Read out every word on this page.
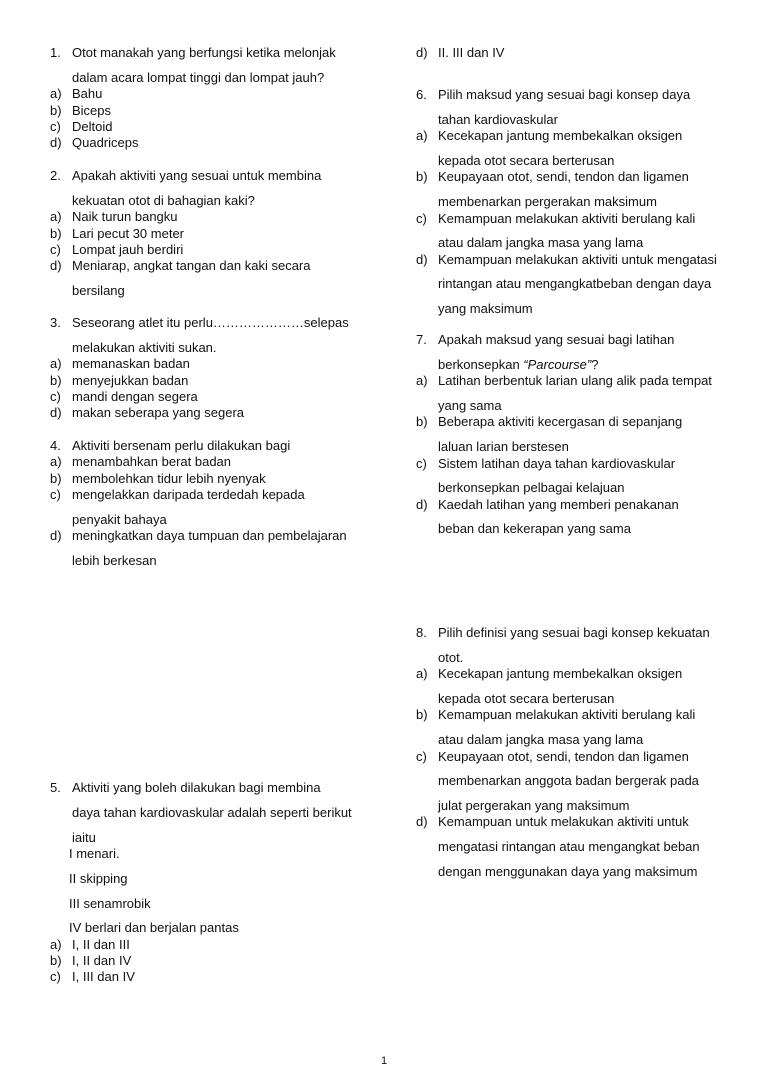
1. Otot manakah yang berfungsi ketika melonjak
dalam acara lompat tinggi dan lompat jauh?
a) Bahu
b) Biceps
c) Deltoid
d) Quadriceps
2. Apakah aktiviti yang sesuai untuk membina
kekuatan otot di bahagian kaki?
a) Naik turun bangku
b) Lari pecut 30 meter
c) Lompat jauh berdiri
d) Meniarap, angkat tangan dan kaki secara
bersilang
3. Seseorang atlet itu perlu…………………selepas
melakukan aktiviti sukan.
a) memanaskan badan
b) menyejukkan badan
c) mandi dengan segera
d) makan seberapa yang segera
4. Aktiviti bersenam perlu dilakukan bagi
a) menambahkan berat badan
b) membolehkan tidur lebih nyenyak
c) mengelakkan daripada terdedah kepada
penyakit bahaya
d) meningkatkan daya tumpuan dan pembelajaran
lebih berkesan
5. Aktiviti yang boleh dilakukan bagi membina
daya tahan kardiovaskular adalah seperti berikut
iaitu
I menari.
II skipping
III senamrobik
IV berlari dan berjalan pantas
a) I, II dan III
b) I, II dan IV
c) I, III dan IV
d) II. III dan IV
6. Pilih maksud yang sesuai bagi konsep daya
tahan kardiovaskular
a) Kecekapan jantung membekalkan oksigen
kepada otot secara berterusan
b) Keupayaan otot, sendi, tendon dan ligamen
membenarkan pergerakan maksimum
c) Kemampuan melakukan aktiviti berulang kali
atau dalam jangka masa yang lama
d) Kemampuan melakukan aktiviti untuk mengatasi
rintangan atau mengangkatbeban dengan daya
yang maksimum
7. Apakah maksud yang sesuai bagi latihan
berkonsepkan “Parcourse”?
a) Latihan berbentuk larian ulang alik pada tempat
yang sama
b) Beberapa aktiviti kecergasan di sepanjang
laluan larian berstesen
c) Sistem latihan daya tahan kardiovaskular
berkonsepkan pelbagai kelajuan
d) Kaedah latihan yang memberi penakanan
beban dan kekerapan yang sama
8. Pilih definisi yang sesuai bagi konsep kekuatan
otot.
a) Kecekapan jantung membekalkan oksigen
kepada otot secara berterusan
b) Kemampuan melakukan aktiviti berulang kali
atau dalam jangka masa yang lama
c) Keupayaan otot, sendi, tendon dan ligamen
membenarkan anggota badan bergerak pada
julat pergerakan yang maksimum
d) Kemampuan untuk melakukan aktiviti untuk
mengatasi rintangan atau mengangkat beban
dengan menggunakan daya yang maksimum
1
